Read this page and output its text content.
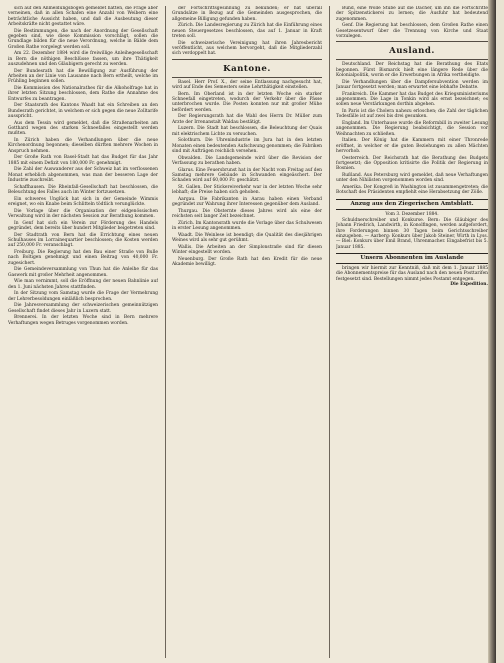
sich auf den Anmeldungsbogen gemeldet hätten, die Frage aber verneinen, daß in allen Schafen eine Anzahl von Weibern eine beträchtliche Aussicht haben, und daß die Ausbeutung dieser Arbeitskräfte nicht gestattet wäre.

Die Bestimmungen, die nach der Anordnung der Gesellschaft gegeben sind, wie diese Kommission vorschlägt, sollen die Grundlage bilden für die neue Verordnung, welche in Bälde dem Großen Rathe vorgelegt werden soll.

Am 22. Dezember 1884 wird die freiwillige Anleihegesellschaft in Bern die nöthigen Beschlüsse fassen, um ihre Thätigkeit auszudehnen und den Gläubigern gerecht zu werden.

Der Bundesrath hat die Bewilligung zur Ausführung der Arbeiten an der Linie von Lausanne nach Bern ertheilt, welche im Frühling beginnen sollen.

Die Kommission des Nationalrathes für die Alkoholfrage hat in ihrer letzten Sitzung beschlossen, dem Rathe die Annahme des Entwurfes zu beantragen.

Der Staatsrath des Kantons Waadt hat ein Schreiben an den Bundesrath gerichtet, in welchem er sich gegen die neue Zolltarife ausspricht.

Aus dem Tessin wird gemeldet, daß die Straßenarbeiten am Gotthard wegen des starken Schneefalles eingestellt werden mußten.

In Zürich haben die Verhandlungen über die neue Kirchenordnung begonnen; dieselben dürften mehrere Wochen in Anspruch nehmen.

Der Große Rath von Basel-Stadt hat das Budget für das Jahr 1885 mit einem Defizit von 180,000 Fr. genehmigt.

Die Zahl der Auswanderer aus der Schweiz hat im verflossenen Monat erheblich abgenommen, was man der besseren Lage der Industrie zuschreibt.

Schaffhausen. Die Rheinfall-Gesellschaft hat beschlossen, die Beleuchtung des Falles auch im Winter fortzusetzen.

Ein schweres Unglück hat sich in der Gemeinde Wimmis ereignet, wo ein Knabe beim Schlitteln tödtlich verunglückte.

Die Vorlage über die Organisation der eidgenössischen Verwaltung wird in der nächsten Session zur Berathung kommen.

In Genf hat sich ein Verein zur Förderung des Handels gegründet, dem bereits über hundert Mitglieder beigetreten sind.

Der Stadtrath von Bern hat die Errichtung eines neuen Schulhauses im Lorrainequartier beschlossen; die Kosten werden auf 250,000 Fr. veranschlagt.

Freiburg. Die Regierung hat den Bau einer Straße von Bulle nach Boltigen genehmigt und einen Beitrag von 40,000 Fr. zugesichert.

Die Gemeindeversammlung von Thun hat die Anleihe für das Gaswerk mit großer Mehrheit angenommen.

Wie man vernimmt, soll die Eröffnung der neuen Bahnlinie auf den 1. Juni nächsten Jahres stattfinden.

In der Sitzung vom Samstag wurde die Frage der Vermehrung der Lehrerbesoldungen einläßlich besprochen.

Die Jahresversammlung der schweizerischen gemeinnützigen Gesellschaft findet dieses Jahr in Luzern statt.

Brennerei. In der letzten Woche sind in Bern mehrere Verhaftungen wegen Betruges vorgenommen worden.

der Fortschrittsgesinnung zu bekunden; er hat überall Grundsätze in Bezug auf die Gemeinden ausgesprochen, die allgemeine Billigung gefunden haben.

Zürich. Die Landesregierung zu Zürich hat die Einführung eines neuen Steuergesetzes beschlossen, das auf 1. Januar in Kraft treten soll.

Die schweizerische Vereinigung hat ihren Jahresbericht veröffentlicht, aus welchem hervorgeht, daß die Mitgliederzahl sich verdoppelt hat.

Kantone.

Basel. Herr Prof. X., der seine Entlassung nachgesucht hat, wird auf Ende des Semesters seine Lehrthätigkeit einstellen.

Bern. Im Oberland ist in der letzten Woche ein starker Schneefall eingetreten, wodurch der Verkehr über die Pässe unterbrochen wurde. Die Posten konnten nur mit großer Mühe befördert werden.

Der Regierungsrath hat die Wahl des Herrn Dr. Müller zum Arzte der Irrenanstalt Waldau bestätigt.

Luzern. Die Stadt hat beschlossen, die Beleuchtung der Quais mit elektrischem Lichte zu versuchen.

Solothurn. Die Uhrenindustrie im Jura hat in den letzten Monaten einen bedeutenden Aufschwung genommen; die Fabriken sind mit Aufträgen reichlich versehen.

Obwalden. Die Landsgemeinde wird über die Revision der Verfassung zu berathen haben.

Glarus. Eine Feuersbrunst hat in der Nacht vom Freitag auf den Samstag mehrere Gebäude in Schwanden eingeäschert. Der Schaden wird auf 60,000 Fr. geschätzt.

St. Gallen. Der Stickereiverkehr war in der letzten Woche sehr lebhaft; die Preise haben sich gehoben.

Aargau. Die Fabrikanten in Aarau haben einen Verband gegründet zur Wahrung ihrer Interessen gegenüber dem Ausland.

Thurgau. Die Obsternte dieses Jahres wird als eine der reichsten seit langer Zeit bezeichnet.

Zürich. Im Kantonsrath wurde die Vorlage über das Schulwesen in erster Lesung angenommen.

Waadt. Die Weinlese ist beendigt; die Qualität des diesjährigen Weines wird als sehr gut gerühmt.

Wallis. Die Arbeiten an der Simplonstraße sind für diesen Winter eingestellt worden.

Neuenburg. Der Große Rath hat den Kredit für die neue Akademie bewilligt.

Bund, eine Wolle Stube auf die Dächer, um ihn die Fortschritte der Spitzenstickerei zu lernen; die Ausfuhr hat bedeutend zugenommen.

Genf. Die Regierung hat beschlossen, dem Großen Rathe einen Gesetzesentwurf über die Trennung von Kirche und Staat vorzulegen.

Ausland.

Deutschland. Der Reichstag hat die Berathung des Etats begonnen. Fürst Bismarck hielt eine längere Rede über die Kolonialpolitik, worin er die Erwerbungen in Afrika vertheidigte.

Die Verhandlungen über die Dampfersubvention werden im Januar fortgesetzt werden; man erwartet eine lebhafte Debatte.

Frankreich. Die Kammer hat das Budget des Kriegsministeriums angenommen. Die Lage in Tonkin wird als ernst bezeichnet; es sollen neue Verstärkungen dorthin abgehen.

In Paris ist die Cholera nahezu erloschen; die Zahl der täglichen Todesfälle ist auf zwei bis drei gesunken.

England. Im Unterhause wurde die Reformbill in zweiter Lesung angenommen. Die Regierung beabsichtigt, die Session vor Weihnachten zu schließen.

Italien. Der König hat die Kammern mit einer Thronrede eröffnet, in welcher er die guten Beziehungen zu allen Mächten hervorhob.

Oesterreich. Der Reichsrath hat die Berathung des Budgets fortgesetzt; die Opposition kritisirte die Politik der Regierung in Bosnien.

Rußland. Aus Petersburg wird gemeldet, daß neue Verhaftungen unter den Nihilisten vorgenommen worden sind.

Amerika. Der Kongreß in Washington ist zusammengetreten; die Botschaft des Präsidenten empfiehlt eine Herabsetzung der Zölle.

Anzug aus den Ziegerischen Amtsblatt.
Vom 3. Dezember 1884.

Schuldnerschreiber und Konkurse. Bern: Die Gläubiger des Johann Friedrich, Landwirth, in Konolfingen, werden aufgefordert, ihre Forderungen binnen 30 Tagen beim Gerichtsschreiber einzugeben. — Aarberg: Konkurs über Jakob Steiner, Wirth in Lyss. — Biel: Konkurs über Emil Brand, Uhrenmacher. Eingabefrist bis 5. Januar 1885.

Unsern Abonnenten im Auslande

bringen wir hiermit zur Kenntniß, daß mit dem 1. Januar 1885 die Abonnementspreise für das Ausland nach den neuen Posttarifen festgesetzt sind. Bestellungen nimmt jedes Postamt entgegen.

Die Expedition.
